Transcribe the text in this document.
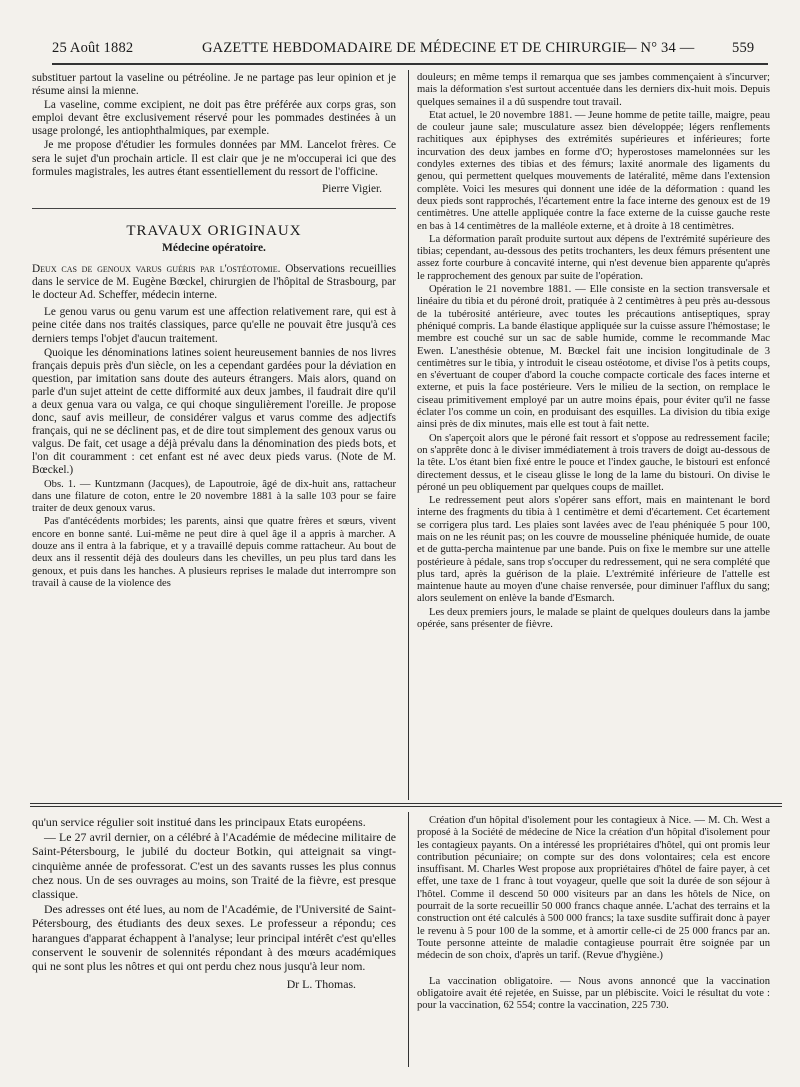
25 Août 1882	GAZETTE HEBDOMADAIRE DE MÉDECINE ET DE CHIRURGIE
— N° 34 —	559

substituer partout la vaseline ou pétréoline. Je ne partage pas leur opinion et je résume ainsi la mienne.

La vaseline, comme excipient, ne doit pas être préférée aux corps gras, son emploi devant être exclusivement réservé pour les pommades destinées à un usage prolongé, les antiophthalmiques, par exemple.

Je me propose d'étudier les formules données par MM. Lancelot frères. Ce sera le sujet d'un prochain article. Il est clair que je ne m'occuperai ici que des formules magistrales, les autres étant essentiellement du ressort de l'officine.

Pierre Vigier.
TRAVAUX ORIGINAUX
Médecine opératoire.

Deux cas de genoux varus guéris par l'ostéotomie. Observations recueillies dans le service de M. Eugène Bœckel, chirurgien de l'hôpital de Strasbourg, par le docteur Ad. Scheffer, médecin interne.

Le genou varus ou genu varum est une affection relativement rare, qui est à peine citée dans nos traités classiques, parce qu'elle ne pouvait être jusqu'à ces derniers temps l'objet d'aucun traitement.

Quoique les dénominations latines soient heureusement bannies de nos livres français depuis près d'un siècle, on les a cependant gardées pour la déviation en question, par imitation sans doute des auteurs étrangers. Mais alors, quand on parle d'un sujet atteint de cette difformité aux deux jambes, il faudrait dire qu'il a deux genua vara ou valga, ce qui choque singulièrement l'oreille. Je propose donc, sauf avis meilleur, de considérer valgus et varus comme des adjectifs français, qui ne se déclinent pas, et de dire tout simplement des genoux varus ou valgus. De fait, cet usage a déjà prévalu dans la dénomination des pieds bots, et l'on dit couramment : cet enfant est né avec deux pieds varus. (Note de M. Bœckel.)

Obs. 1. — Kuntzmann (Jacques), de Lapoutroie, âgé de dix-huit ans, rattacheur dans une filature de coton, entre le 20 novembre 1881 à la salle 103 pour se faire traiter de deux genoux varus.

Pas d'antécédents morbides; les parents, ainsi que quatre frères et sœurs, vivent encore en bonne santé. Lui-même ne peut dire à quel âge il a appris à marcher. A douze ans il entra à la fabrique, et y a travaillé depuis comme rattacheur. Au bout de deux ans il ressentit déjà des douleurs dans les chevilles, un peu plus tard dans les genoux, et puis dans les hanches. A plusieurs reprises le malade dut interrompre son travail à cause de la violence des

douleurs; en même temps il remarqua que ses jambes commençaient à s'incurver; mais la déformation s'est surtout accentuée dans les derniers dix-huit mois. Depuis quelques semaines il a dû suspendre tout travail.

Etat actuel, le 20 novembre 1881. — Jeune homme de petite taille, maigre, peau de couleur jaune sale; musculature assez bien développée; légers renflements rachitiques aux épiphyses des extrémités supérieures et inférieures; forte incurvation des deux jambes en forme d'O; hyperostoses mamelonnées sur les condyles externes des tibias et des fémurs; laxité anormale des ligaments du genou, qui permettent quelques mouvements de latéralité, même dans l'extension complète. Voici les mesures qui donnent une idée de la déformation : quand les deux pieds sont rapprochés, l'écartement entre la face interne des genoux est de 19 centimètres. Une attelle appliquée contre la face externe de la cuisse gauche reste en bas à 14 centimètres de la malléole externe, et à droite à 18 centimètres.

La déformation paraît produite surtout aux dépens de l'extrémité supérieure des tibias; cependant, au-dessous des petits trochanters, les deux fémurs présentent une assez forte courbure à concavité interne, qui n'est devenue bien apparente qu'après le rapprochement des genoux par suite de l'opération.

Opération le 21 novembre 1881. — Elle consiste en la section transversale et linéaire du tibia et du péroné droit, pratiquée à 2 centimètres à peu près au-dessous de la tubérosité antérieure, avec toutes les précautions antiseptiques, spray phéniqué compris. La bande élastique appliquée sur la cuisse assure l'hémostase; le membre est couché sur un sac de sable humide, comme le recommande Mac Ewen. L'anesthésie obtenue, M. Bœckel fait une incision longitudinale de 3 centimètres sur le tibia, y introduit le ciseau ostéotome, et divise l'os à petits coups, en s'évertuant de couper d'abord la couche compacte corticale des faces interne et externe, et puis la face postérieure. Vers le milieu de la section, on remplace le ciseau primitivement employé par un autre moins épais, pour éviter qu'il ne fasse éclater l'os comme un coin, en produisant des esquilles. La division du tibia exige ainsi près de dix minutes, mais elle est tout à fait nette.

On s'aperçoit alors que le péroné fait ressort et s'oppose au redressement facile; on s'apprête donc à le diviser immédiatement à trois travers de doigt au-dessous de la tête. L'os étant bien fixé entre le pouce et l'index gauche, le bistouri est enfoncé directement dessus, et le ciseau glisse le long de la lame du bistouri. On divise le péroné un peu obliquement par quelques coups de maillet.

Le redressement peut alors s'opérer sans effort, mais en maintenant le bord interne des fragments du tibia à 1 centimètre et demi d'écartement. Cet écartement se corrigera plus tard. Les plaies sont lavées avec de l'eau phéniquée 5 pour 100, mais on ne les réunit pas; on les couvre de mousseline phéniquée humide, de ouate et de gutta-percha maintenue par une bande. Puis on fixe le membre sur une attelle postérieure à pédale, sans trop s'occuper du redressement, qui ne sera complété que plus tard, après la guérison de la plaie. L'extrémité inférieure de l'attelle est maintenue haute au moyen d'une chaise renversée, pour diminuer l'afflux du sang; alors seulement on enlève la bande d'Esmarch.

Les deux premiers jours, le malade se plaint de quelques douleurs dans la jambe opérée, sans présenter de fièvre.

qu'un service régulier soit institué dans les principaux Etats européens.

— Le 27 avril dernier, on a célébré à l'Académie de médecine militaire de Saint-Pétersbourg, le jubilé du docteur Botkin, qui atteignait sa vingt-cinquième année de professorat. C'est un des savants russes les plus connus chez nous. Un de ses ouvrages au moins, son Traité de la fièvre, est presque classique.

Des adresses ont été lues, au nom de l'Académie, de l'Université de Saint-Pétersbourg, des étudiants des deux sexes. Le professeur a répondu; ces harangues d'apparat échappent à l'analyse; leur principal intérêt c'est qu'elles conservent le souvenir de solennités répondant à des mœurs académiques qui ne sont plus les nôtres et qui ont perdu chez nous jusqu'à leur nom.

Dr L. Thomas.

Création d'un hôpital d'isolement pour les contagieux à Nice. — M. Ch. West a proposé à la Société de médecine de Nice la création d'un hôpital d'isolement pour les contagieux payants. On a intéressé les propriétaires d'hôtel, qui ont promis leur contribution pécuniaire; on compte sur des dons volontaires; cela est encore insuffisant. M. Charles West propose aux propriétaires d'hôtel de faire payer, à cet effet, une taxe de 1 franc à tout voyageur, quelle que soit la durée de son séjour à l'hôtel. Comme il descend 50 000 visiteurs par an dans les hôtels de Nice, on pourrait de la sorte recueillir 50 000 francs chaque année. L'achat des terrains et la construction ont été calculés à 500 000 francs; la taxe susdite suffirait donc à payer le revenu à 5 pour 100 de la somme, et à amortir celle-ci de 25 000 francs par an. Toute personne atteinte de maladie contagieuse pourrait être soignée par un médecin de son choix, d'après un tarif. (Revue d'hygiène.)

La vaccination obligatoire. — Nous avons annoncé que la vaccination obligatoire avait été rejetée, en Suisse, par un plébiscite. Voici le résultat du vote : pour la vaccination, 62 554; contre la vaccination, 225 730.
